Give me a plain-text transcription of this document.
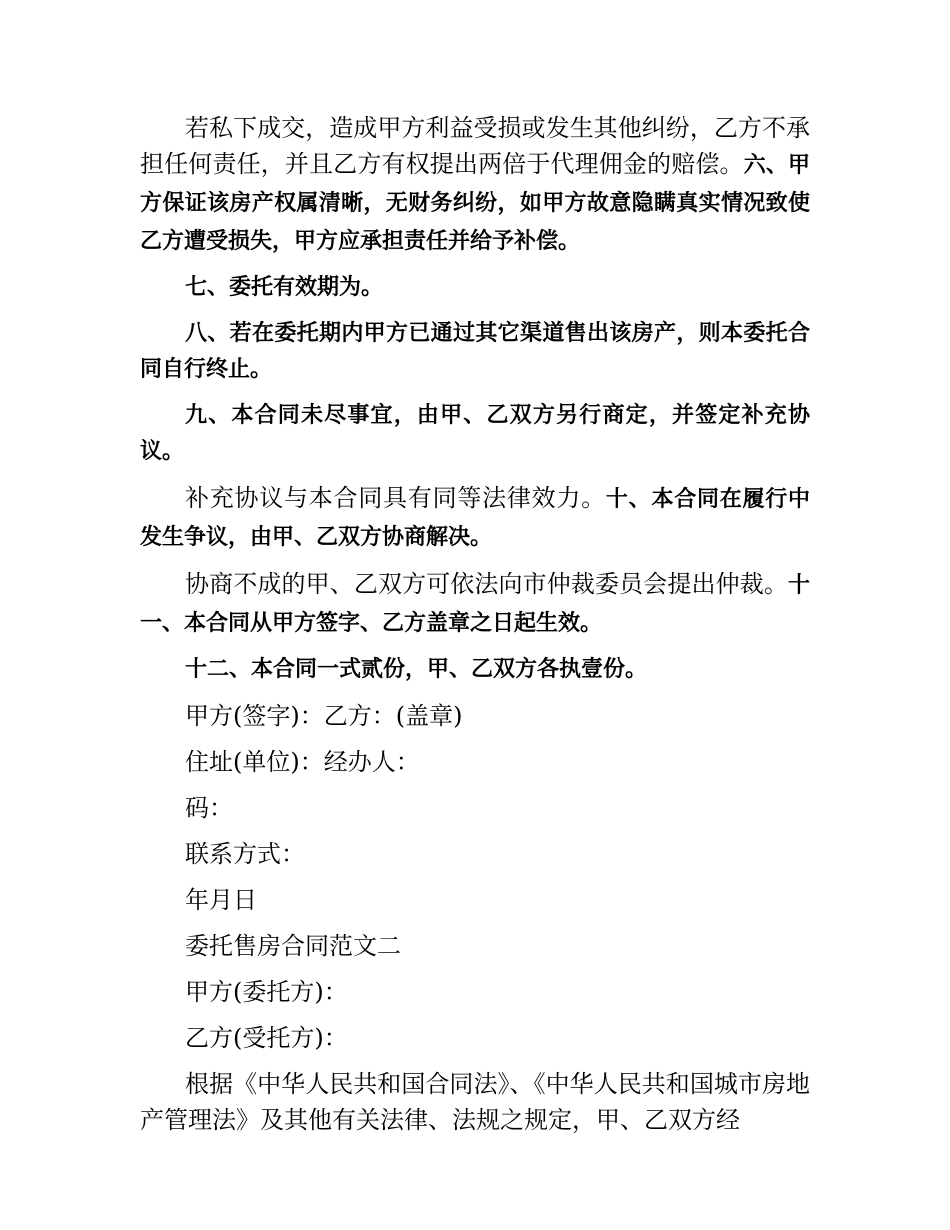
若私下成交，造成甲方利益受损或发生其他纠纷，乙方不承担任何责任，并且乙方有权提出两倍于代理佣金的赔偿。六、甲方保证该房产权属清晰，无财务纠纷，如甲方故意隐瞒真实情况致使乙方遭受损失，甲方应承担责任并给予补偿。

七、委托有效期为。

八、若在委托期内甲方已通过其它渠道售出该房产，则本委托合同自行终止。

九、本合同未尽事宜，由甲、乙双方另行商定，并签定补充协议。

补充协议与本合同具有同等法律效力。十、本合同在履行中发生争议，由甲、乙双方协商解决。

协商不成的甲、乙双方可依法向市仲裁委员会提出仲裁。十一、本合同从甲方签字、乙方盖章之日起生效。

十二、本合同一式贰份，甲、乙双方各执壹份。

甲方(签字)：乙方：(盖章)

住址(单位)：经办人：

码：

联系方式：

年月日

委托售房合同范文二

甲方(委托方)：

乙方(受托方)：

根据《中华人民共和国合同法》、《中华人民共和国城市房地产管理法》及其他有关法律、法规之规定，甲、乙双方经
